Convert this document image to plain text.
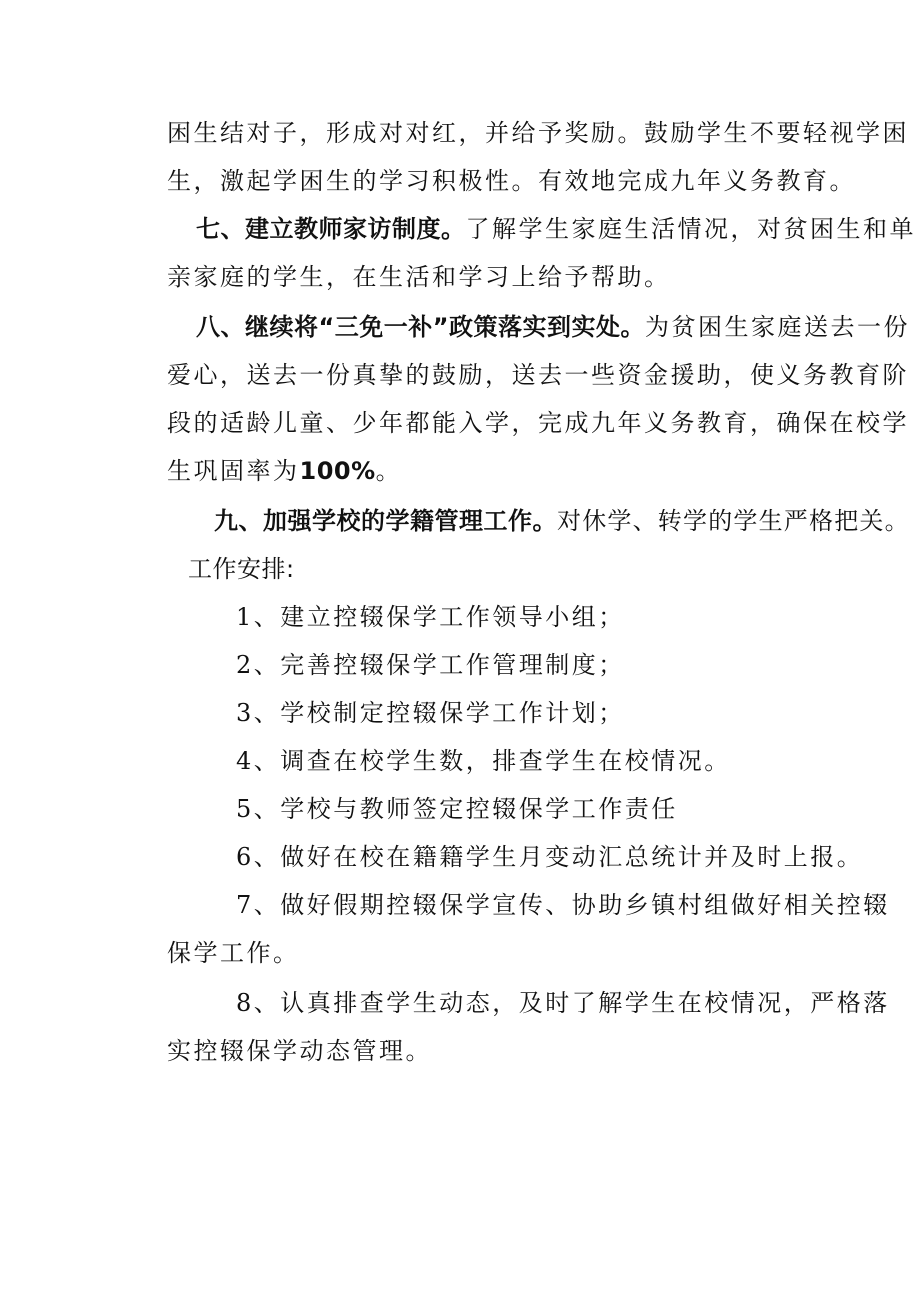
困生结对子，形成对对红，并给予奖励。鼓励学生不要轻视学困
生，激起学困生的学习积极性。有效地完成九年义务教育。
七、建立教师家访制度。了解学生家庭生活情况，对贫困生和单
亲家庭的学生，在生活和学习上给予帮助。
八、继续将“三免一补”政策落实到实处。为贫困生家庭送去一份
爱心，送去一份真挚的鼓励，送去一些资金援助，使义务教育阶
段的适龄儿童、少年都能入学，完成九年义务教育，确保在校学
生巩固率为100%。
九、加强学校的学籍管理工作。对休学、转学的学生严格把关。
工作安排:
1、建立控辍保学工作领导小组；
2、完善控辍保学工作管理制度；
3、学校制定控辍保学工作计划；
4、调查在校学生数，排查学生在校情况。
5、学校与教师签定控辍保学工作责任
6、做好在校在籍籍学生月变动汇总统计并及时上报。
7、做好假期控辍保学宣传、协助乡镇村组做好相关控辍
保学工作。
8、认真排查学生动态，及时了解学生在校情况，严格落
实控辍保学动态管理。
